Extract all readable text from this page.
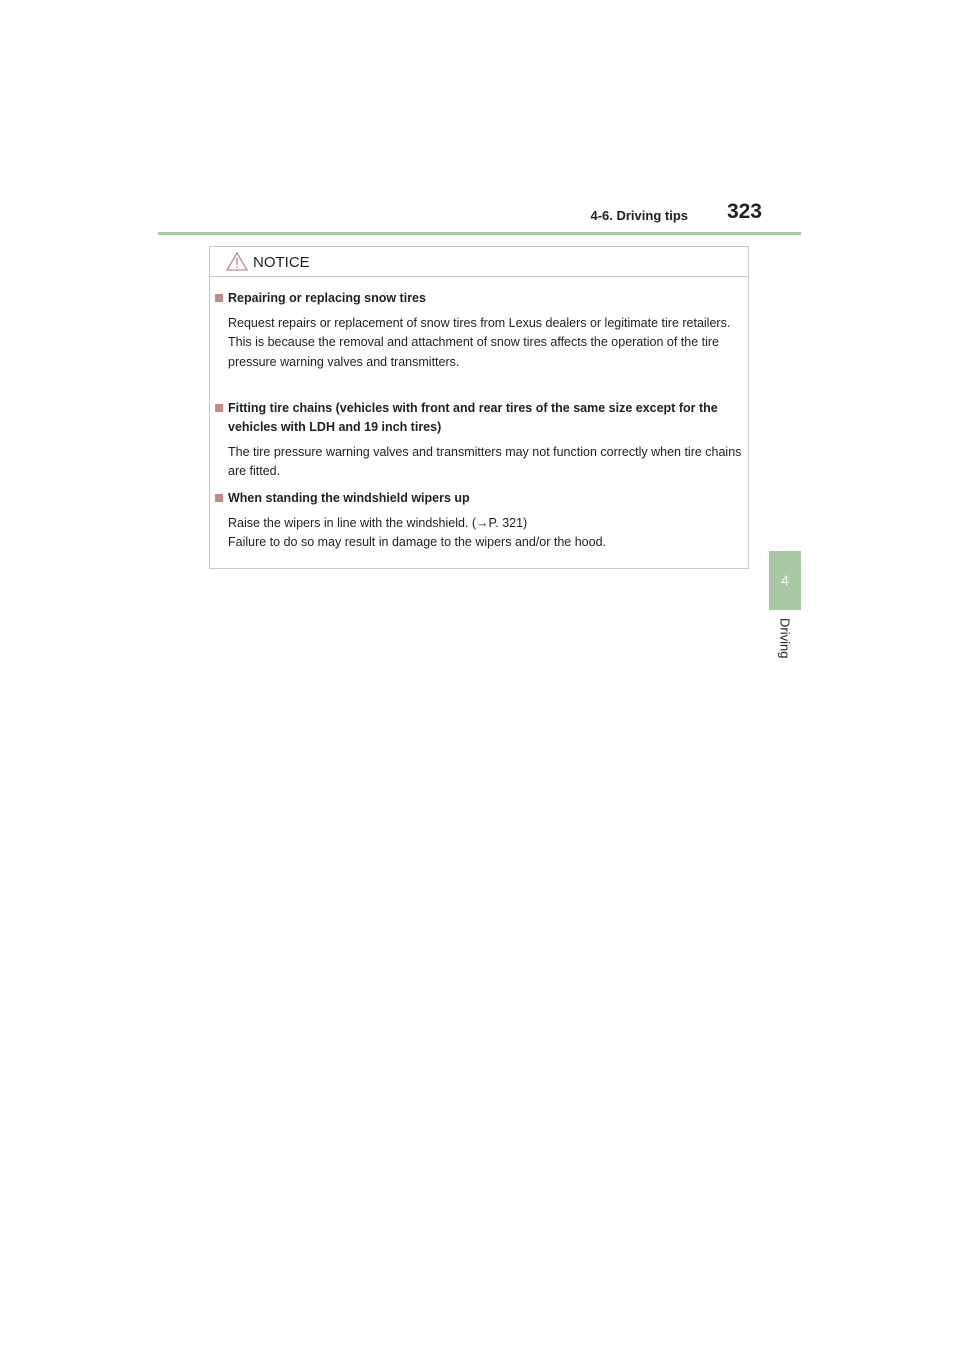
4-6. Driving tips	323
4
Driving
NOTICE
Repairing or replacing snow tires

Request repairs or replacement of snow tires from Lexus dealers or legitimate tire retailers.

This is because the removal and attachment of snow tires affects the operation of the tire pressure warning valves and transmitters.

Fitting tire chains (vehicles with front and rear tires of the same size except for the vehicles with LDH and 19 inch tires)

The tire pressure warning valves and transmitters may not function correctly when tire chains are fitted.

When standing the windshield wipers up

Raise the wipers in line with the windshield. (→P. 321)

Failure to do so may result in damage to the wipers and/or the hood.
